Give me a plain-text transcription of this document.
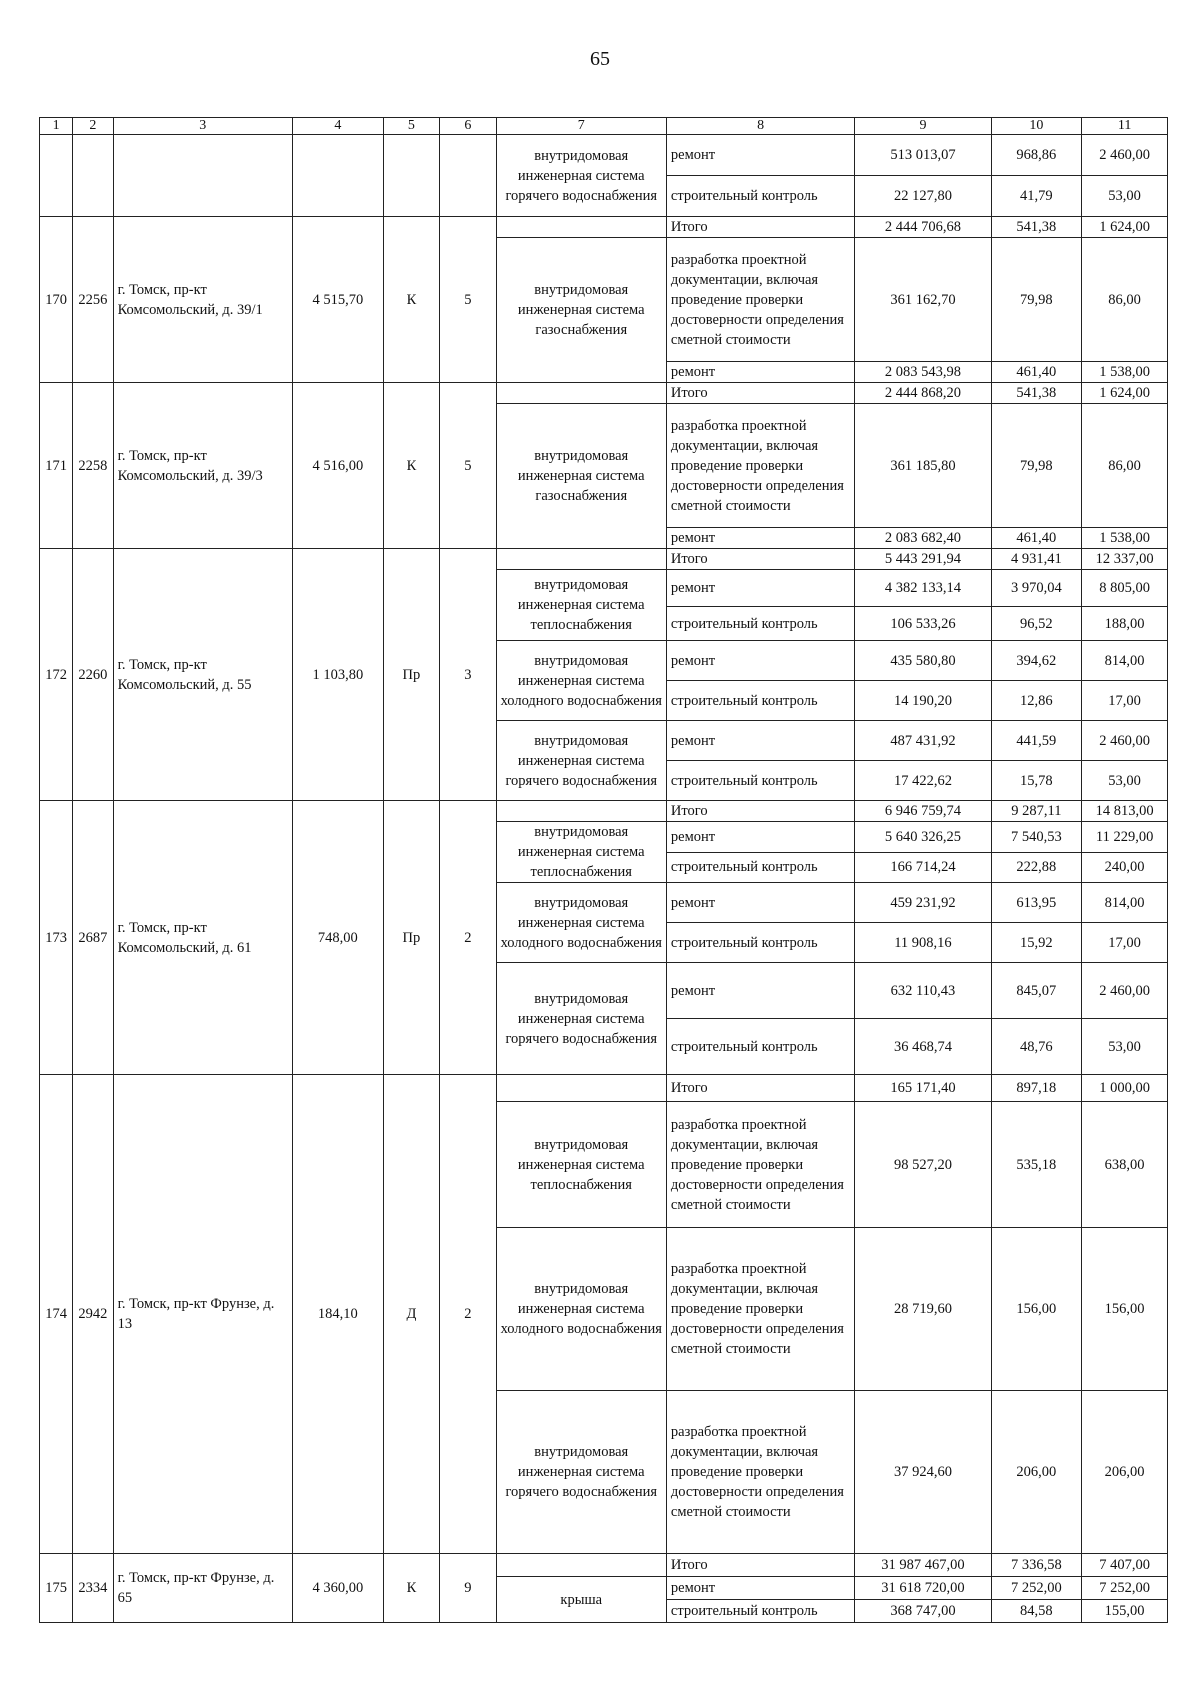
65
1	2	3	4	5	6	7	8	9	10	11
						внутридомовая инженерная система горячего водоснабжения	ремонт	513 013,07	968,86	2 460,00
							строительный контроль	22 127,80	41,79	53,00
170	2256	г. Томск, пр-кт Комсомольский, д. 39/1	4 515,70	К	5		Итого	2 444 706,68	541,38	1 624,00
						внутридомовая инженерная система газоснабжения	разработка проектной документации, включая проведение проверки достоверности определения сметной стоимости	361 162,70	79,98	86,00
							ремонт	2 083 543,98	461,40	1 538,00
171	2258	г. Томск, пр-кт Комсомольский, д. 39/3	4 516,00	К	5		Итого	2 444 868,20	541,38	1 624,00
						внутридомовая инженерная система газоснабжения	разработка проектной документации, включая проведение проверки достоверности определения сметной стоимости	361 185,80	79,98	86,00
							ремонт	2 083 682,40	461,40	1 538,00
172	2260	г. Томск, пр-кт Комсомольский, д. 55	1 103,80	Пр	3		Итого	5 443 291,94	4 931,41	12 337,00
						внутридомовая инженерная система теплоснабжения	ремонт	4 382 133,14	3 970,04	8 805,00
							строительный контроль	106 533,26	96,52	188,00
						внутридомовая инженерная система холодного водоснабжения	ремонт	435 580,80	394,62	814,00
							строительный контроль	14 190,20	12,86	17,00
						внутридомовая инженерная система горячего водоснабжения	ремонт	487 431,92	441,59	2 460,00
							строительный контроль	17 422,62	15,78	53,00
173	2687	г. Томск, пр-кт Комсомольский, д. 61	748,00	Пр	2		Итого	6 946 759,74	9 287,11	14 813,00
						внутридомовая инженерная система теплоснабжения	ремонт	5 640 326,25	7 540,53	11 229,00
							строительный контроль	166 714,24	222,88	240,00
						внутридомовая инженерная система холодного водоснабжения	ремонт	459 231,92	613,95	814,00
							строительный контроль	11 908,16	15,92	17,00
						внутридомовая инженерная система горячего водоснабжения	ремонт	632 110,43	845,07	2 460,00
							строительный контроль	36 468,74	48,76	53,00
174	2942	г. Томск, пр-кт Фрунзе, д. 13	184,10	Д	2		Итого	165 171,40	897,18	1 000,00
						внутридомовая инженерная система теплоснабжения	разработка проектной документации, включая проведение проверки достоверности определения сметной стоимости	98 527,20	535,18	638,00
						внутридомовая инженерная система холодного водоснабжения	разработка проектной документации, включая проведение проверки достоверности определения сметной стоимости	28 719,60	156,00	156,00
						внутридомовая инженерная система горячего водоснабжения	разработка проектной документации, включая проведение проверки достоверности определения сметной стоимости	37 924,60	206,00	206,00
175	2334	г. Томск, пр-кт Фрунзе, д. 65	4 360,00	К	9		Итого	31 987 467,00	7 336,58	7 407,00
						крыша	ремонт	31 618 720,00	7 252,00	7 252,00
							строительный контроль	368 747,00	84,58	155,00
